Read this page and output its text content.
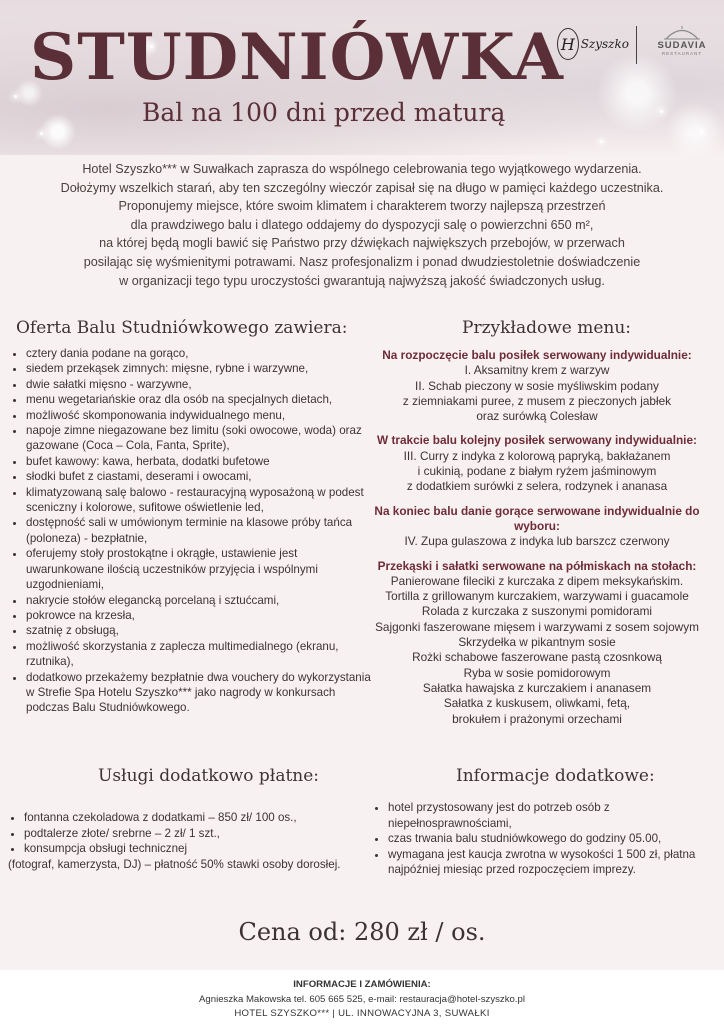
STUDNIÓWKA

Bal na 100 dni przed maturą

H Szyszko	SUDAVIA
RESTAURANT
Hotel Szyszko*** w Suwałkach zaprasza do wspólnego celebrowania tego wyjątkowego wydarzenia.
Dołożymy wszelkich starań, aby ten szczególny wieczór zapisał się na długo w pamięci każdego uczestnika.
Proponujemy miejsce, które swoim klimatem i charakterem tworzy najlepszą przestrzeń
dla prawdziwego balu i dlatego oddajemy do dyspozycji salę o powierzchni 650 m²,
na której będą mogli bawić się Państwo przy dźwiękach największych przebojów, w przerwach
posilając się wyśmienitymi potrawami. Nasz profesjonalizm i ponad dwudziestoletnie doświadczenie
w organizacji tego typu uroczystości gwarantują najwyższą jakość świadczonych usług.
Oferta Balu Studniówkowego zawiera:
• cztery dania podane na gorąco,
• siedem przekąsek zimnych: mięsne, rybne i warzywne,
• dwie sałatki mięsno - warzywne,
• menu wegetariańskie oraz dla osób na specjalnych dietach,
• możliwość skomponowania indywidualnego menu,
• napoje zimne niegazowane bez limitu (soki owocowe, woda) oraz gazowane (Coca – Cola, Fanta, Sprite),
• bufet kawowy: kawa, herbata, dodatki bufetowe
• słodki bufet z ciastami, deserami i owocami,
• klimatyzowaną salę balowo - restauracyjną wyposażoną w podest sceniczny i kolorowe, sufitowe oświetlenie led,
• dostępność sali w umówionym terminie na klasowe próby tańca (poloneza) - bezpłatnie,
• oferujemy stoły prostokątne i okrągłe, ustawienie jest uwarunkowane ilością uczestników przyjęcia i wspólnymi uzgodnieniami,
• nakrycie stołów elegancką porcelaną i sztućcami,
• pokrowce na krzesła,
• szatnię z obsługą,
• możliwość skorzystania z zaplecza multimedialnego (ekranu, rzutnika),
• dodatkowo przekażemy bezpłatnie dwa vouchery do wykorzystania w Strefie Spa Hotelu Szyszko*** jako nagrody w konkursach podczas Balu Studniówkowego.
Przykładowe menu:

Na rozpoczęcie balu posiłek serwowany indywidualnie:

I. Aksamitny krem z warzyw

II. Schab pieczony w sosie myśliwskim podany

z ziemniakami puree, z musem z pieczonych jabłek

oraz surówką Colesław

W trakcie balu kolejny posiłek serwowany indywidualnie:

III. Curry z indyka z kolorową papryką, bakłażanem

i cukinią, podane z białym ryżem jaśminowym

z dodatkiem surówki z selera, rodzynek i ananasa

Na koniec balu danie gorące serwowane indywidualnie do wyboru:

IV. Zupa gulaszowa z indyka lub barszcz czerwony

Przekąski i sałatki serwowane na półmiskach na stołach:

Panierowane fileciki z kurczaka z dipem meksykańskim.

Tortilla z grillowanym kurczakiem, warzywami i guacamole

Rolada z kurczaka z suszonymi pomidorami

Sajgonki faszerowane mięsem i warzywami z sosem sojowym

Skrzydełka w pikantnym sosie

Rożki schabowe faszerowane pastą czosnkową

Ryba w sosie pomidorowym

Sałatka hawajska z kurczakiem i ananasem

Sałatka z kuskusem, oliwkami, fetą,

brokułem i prażonymi orzechami

Usługi dodatkowo płatne:
• fontanna czekoladowa z dodatkami – 850 zł/ 100 os.,
• podtalerze złote/ srebrne – 2 zł/ 1 szt.,
• konsumpcja obsługi technicznej

(fotograf, kamerzysta, DJ) – płatność 50% stawki osoby dorosłej.

Informacje dodatkowe:
• hotel przystosowany jest do potrzeb osób z niepełnosprawnościami,
• czas trwania balu studniówkowego do godziny 05.00,
• wymagana jest kaucja zwrotna w wysokości 1 500 zł, płatna najpóźniej miesiąc przed rozpoczęciem imprezy.

Cena od: 280 zł / os.

INFORMACJE I ZAMÓWIENIA:

Agnieszka Makowska tel. 605 665 525, e-mail: restauracja@hotel-szyszko.pl

HOTEL SZYSZKO*** | UL. INNOWACYJNA 3, SUWAŁKI
